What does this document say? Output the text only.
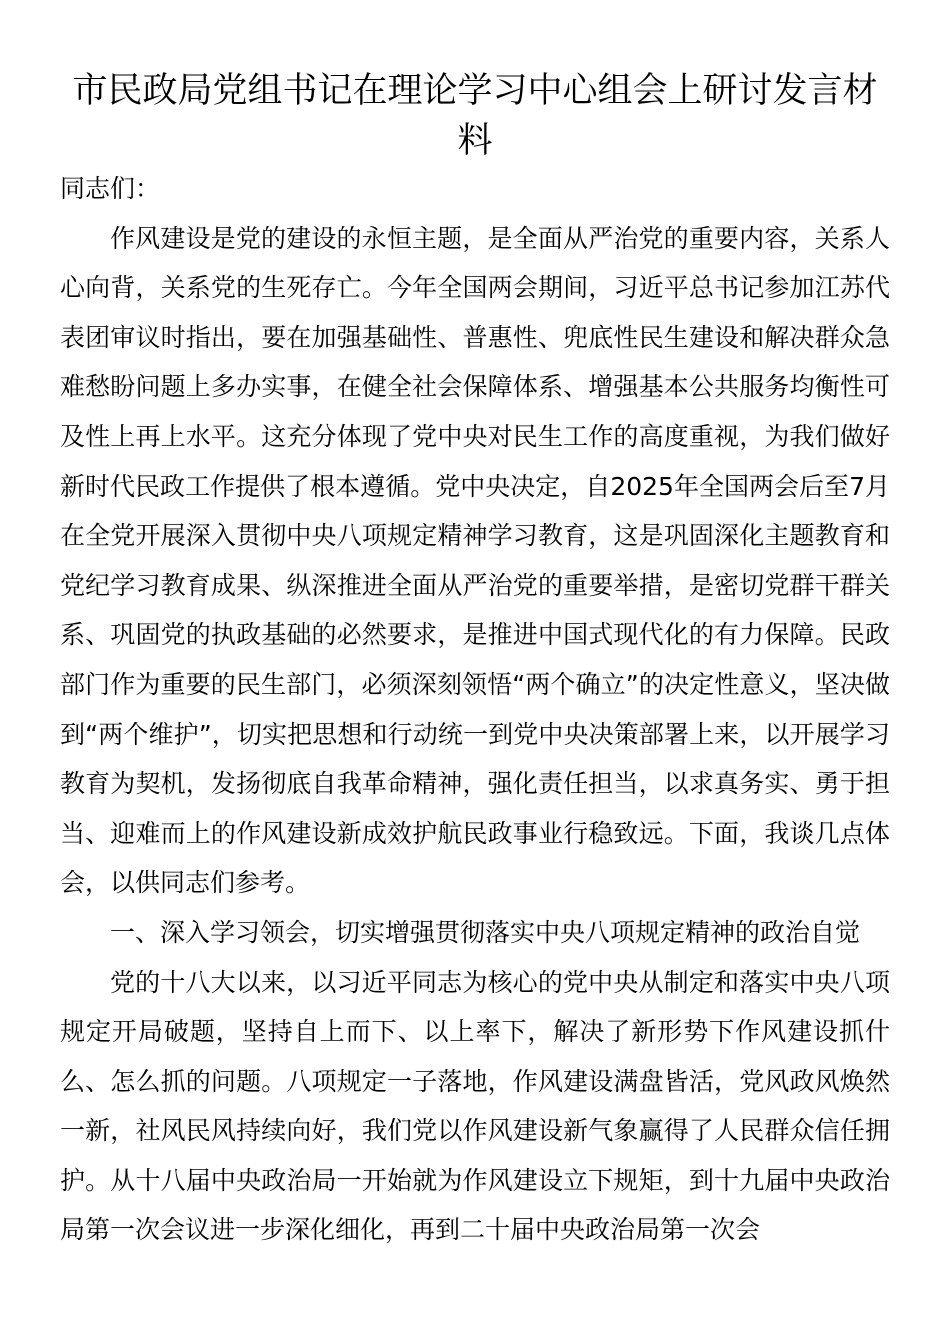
市民政局党组书记在理论学习中心组会上研讨发言材料

同志们：

作风建设是党的建设的永恒主题，是全面从严治党的重要内容，关系人心向背，关系党的生死存亡。今年全国两会期间，习近平总书记参加江苏代表团审议时指出，要在加强基础性、普惠性、兜底性民生建设和解决群众急难愁盼问题上多办实事，在健全社会保障体系、增强基本公共服务均衡性可及性上再上水平。这充分体现了党中央对民生工作的高度重视，为我们做好新时代民政工作提供了根本遵循。党中央决定，自2025年全国两会后至7月在全党开展深入贯彻中央八项规定精神学习教育，这是巩固深化主题教育和党纪学习教育成果、纵深推进全面从严治党的重要举措，是密切党群干群关系、巩固党的执政基础的必然要求，是推进中国式现代化的有力保障。民政部门作为重要的民生部门，必须深刻领悟“两个确立”的决定性意义，坚决做到“两个维护”，切实把思想和行动统一到党中央决策部署上来，以开展学习教育为契机，发扬彻底自我革命精神，强化责任担当，以求真务实、勇于担当、迎难而上的作风建设新成效护航民政事业行稳致远。下面，我谈几点体会，以供同志们参考。

一、深入学习领会，切实增强贯彻落实中央八项规定精神的政治自觉

党的十八大以来，以习近平同志为核心的党中央从制定和落实中央八项规定开局破题，坚持自上而下、以上率下，解决了新形势下作风建设抓什么、怎么抓的问题。八项规定一子落地，作风建设满盘皆活，党风政风焕然一新，社风民风持续向好，我们党以作风建设新气象赢得了人民群众信任拥护。从十八届中央政治局一开始就为作风建设立下规矩，到十九届中央政治局第一次会议进一步深化细化，再到二十届中央政治局第一次会
